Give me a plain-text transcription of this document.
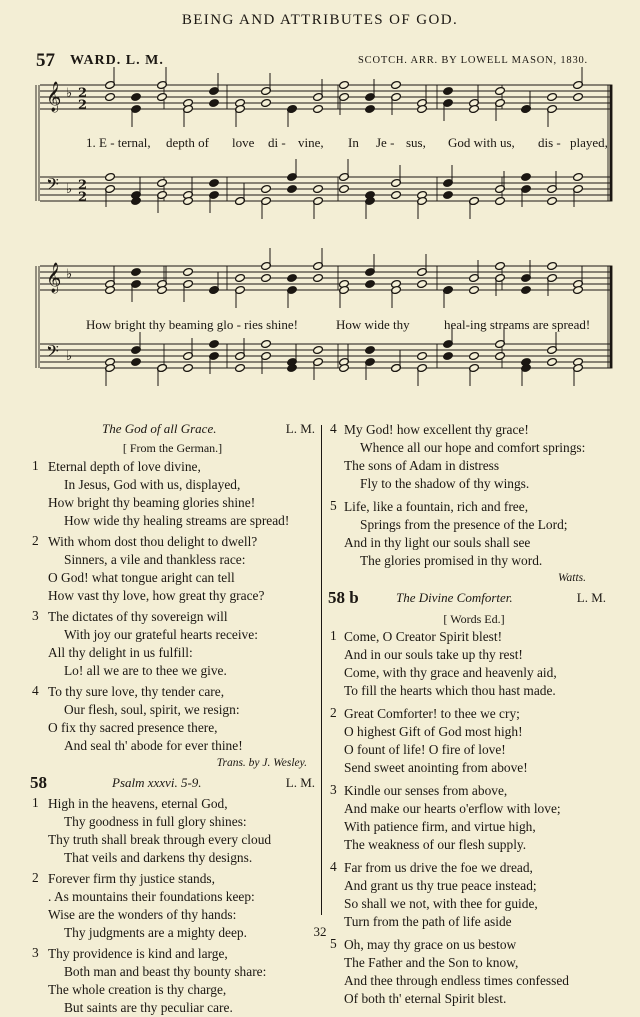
BEING AND ATTRIBUTES OF GOD.
57 WARD. L. M.	SCOTCH. ARR. BY LOWELL MASON, 1830.
𝄞 ♭ 2
2
𝄢 ♭ 2
2
𝄞 ♭
𝄢 ♭
1. E - ternal, depth of love di - vine, In Je - sus, God with us, dis - played,
How bright thy beaming glo - ries shine!	How wide thy	heal-ing streams are spread!
The God of all Grace.	L. M.
[ From the German.]
1 Eternal depth of love divine,
In Jesus, God with us, displayed,
How bright thy beaming glories shine!
How wide thy healing streams are spread!
2 With whom dost thou delight to dwell?
Sinners, a vile and thankless race:
O God! what tongue aright can tell
How vast thy love, how great thy grace?
3 The dictates of thy sovereign will
With joy our grateful hearts receive:
All thy delight in us fulfill:
Lo! all we are to thee we give.
4 To thy sure love, thy tender care,
Our flesh, soul, spirit, we resign:
O fix thy sacred presence there,
And seal th' abode for ever thine!
Trans. by J. Wesley.
58	Psalm xxxvi. 5-9.	L. M.
1 High in the heavens, eternal God,
Thy goodness in full glory shines:
Thy truth shall break through every cloud
That veils and darkens thy designs.
2 Forever firm thy justice stands,
. As mountains their foundations keep:
Wise are the wonders of thy hands:
Thy judgments are a mighty deep.
3 Thy providence is kind and large,
Both man and beast thy bounty share:
The whole creation is thy charge,
But saints are thy peculiar care.
4 My God! how excellent thy grace!
Whence all our hope and comfort springs:
The sons of Adam in distress
Fly to the shadow of thy wings.
5 Life, like a fountain, rich and free,
Springs from the presence of the Lord;
And in thy light our souls shall see
The glories promised in thy word.
Watts.
58 b	The Divine Comforter.	L. M.
[ Words Ed.]
1 Come, O Creator Spirit blest!
And in our souls take up thy rest!
Come, with thy grace and heavenly aid,
To fill the hearts which thou hast made.
2 Great Comforter! to thee we cry;
O highest Gift of God most high!
O fount of life! O fire of love!
Send sweet anointing from above!
3 Kindle our senses from above,
And make our hearts o'erflow with love;
With patience firm, and virtue high,
The weakness of our flesh supply.
4 Far from us drive the foe we dread,
And grant us thy true peace instead;
So shall we not, with thee for guide,
Turn from the path of life aside
5 Oh, may thy grace on us bestow
The Father and the Son to know,
And thee through endless times confessed
Of both th' eternal Spirit blest.
32
